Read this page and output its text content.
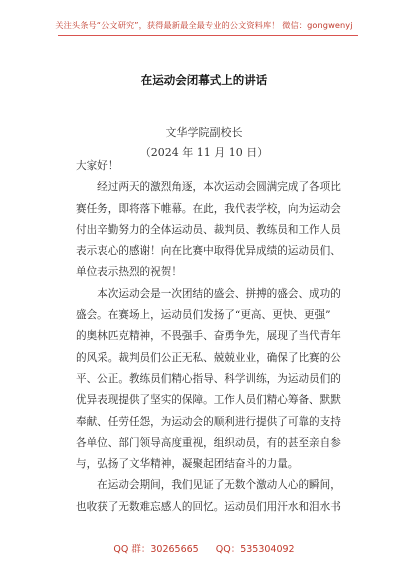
关注头条号“公文研究”，获得最新最全最专业的公文资料库！ 微信：gongwenyj
在运动会闭幕式上的讲话
文华学院副校长
（2024 年 11 月 10 日）
大家好！
　　经过两天的激烈角逐，本次运动会圆满完成了各项比
赛任务，即将落下帷幕。在此，我代表学校，向为运动会
付出辛勤努力的全体运动员、裁判员、教练员和工作人员
表示衷心的感谢！向在比赛中取得优异成绩的运动员们、
单位表示热烈的祝贺！
　　本次运动会是一次团结的盛会、拼搏的盛会、成功的
盛会。在赛场上，运动员们发扬了“更高、更快、更强”
的奥林匹克精神，不畏强手、奋勇争先，展现了当代青年
的风采。裁判员们公正无私、兢兢业业，确保了比赛的公
平、公正。教练员们精心指导、科学训练，为运动员们的
优异表现提供了坚实的保障。工作人员们精心筹备、默默
奉献、任劳任怨，为运动会的顺利进行提供了可靠的支持
各单位、部门领导高度重视，组织动员，有的甚至亲自参
与，弘扬了文华精神，凝聚起团结奋斗的力量。
　　在运动会期间，我们见证了无数个激动人心的瞬间，
也收获了无数难忘感人的回忆。运动员们用汗水和泪水书
QQ 群：30265665 QQ：535304092
